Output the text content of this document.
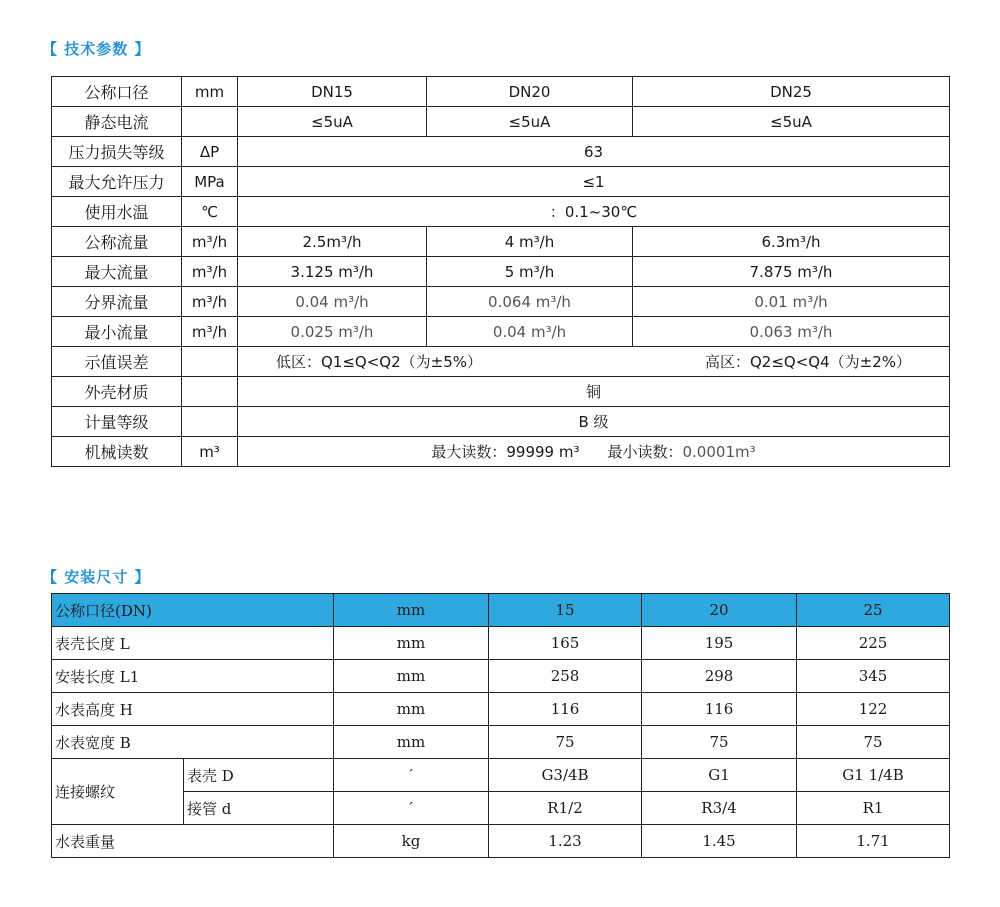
【 技术参数 】
公称口径	mm	DN15	DN20	DN25
静态电流		≤5uA	≤5uA	≤5uA
压力损失等级	ΔP	63		
最大允许压力	MPa	≤1		
使用水温	℃	：0.1~30℃		
公称流量	m³/h	2.5m³/h	4 m³/h	6.3m³/h
最大流量	m³/h	3.125 m³/h	5 m³/h	7.875 m³/h
分界流量	m³/h	0.04 m³/h	0.064 m³/h	0.01 m³/h
最小流量	m³/h	0.025 m³/h	0.04 m³/h	0.063 m³/h
示值误差		低区：Q1≤Q<Q2（为±5%） 高区：Q2≤Q<Q4（为±2%）		

外壳材质		铜		
计量等级		B 级		
机械读数	m³	最大读数：99999 m³ 最小读数：0.0001m³		
【 安装尺寸 】
公称口径(DN)		mm	15	20	25
表壳长度 L		mm	165	195	225
安装长度 L1		mm	258	298	345
水表高度 H		mm	116	116	122
水表宽度 B		mm	75	75	75
连接螺纹	表壳 D	′	G3/4B	G1	G1 1/4B
	接管 d	′	R1/2	R3/4	R1
水表重量		kg	1.23	1.45	1.71
